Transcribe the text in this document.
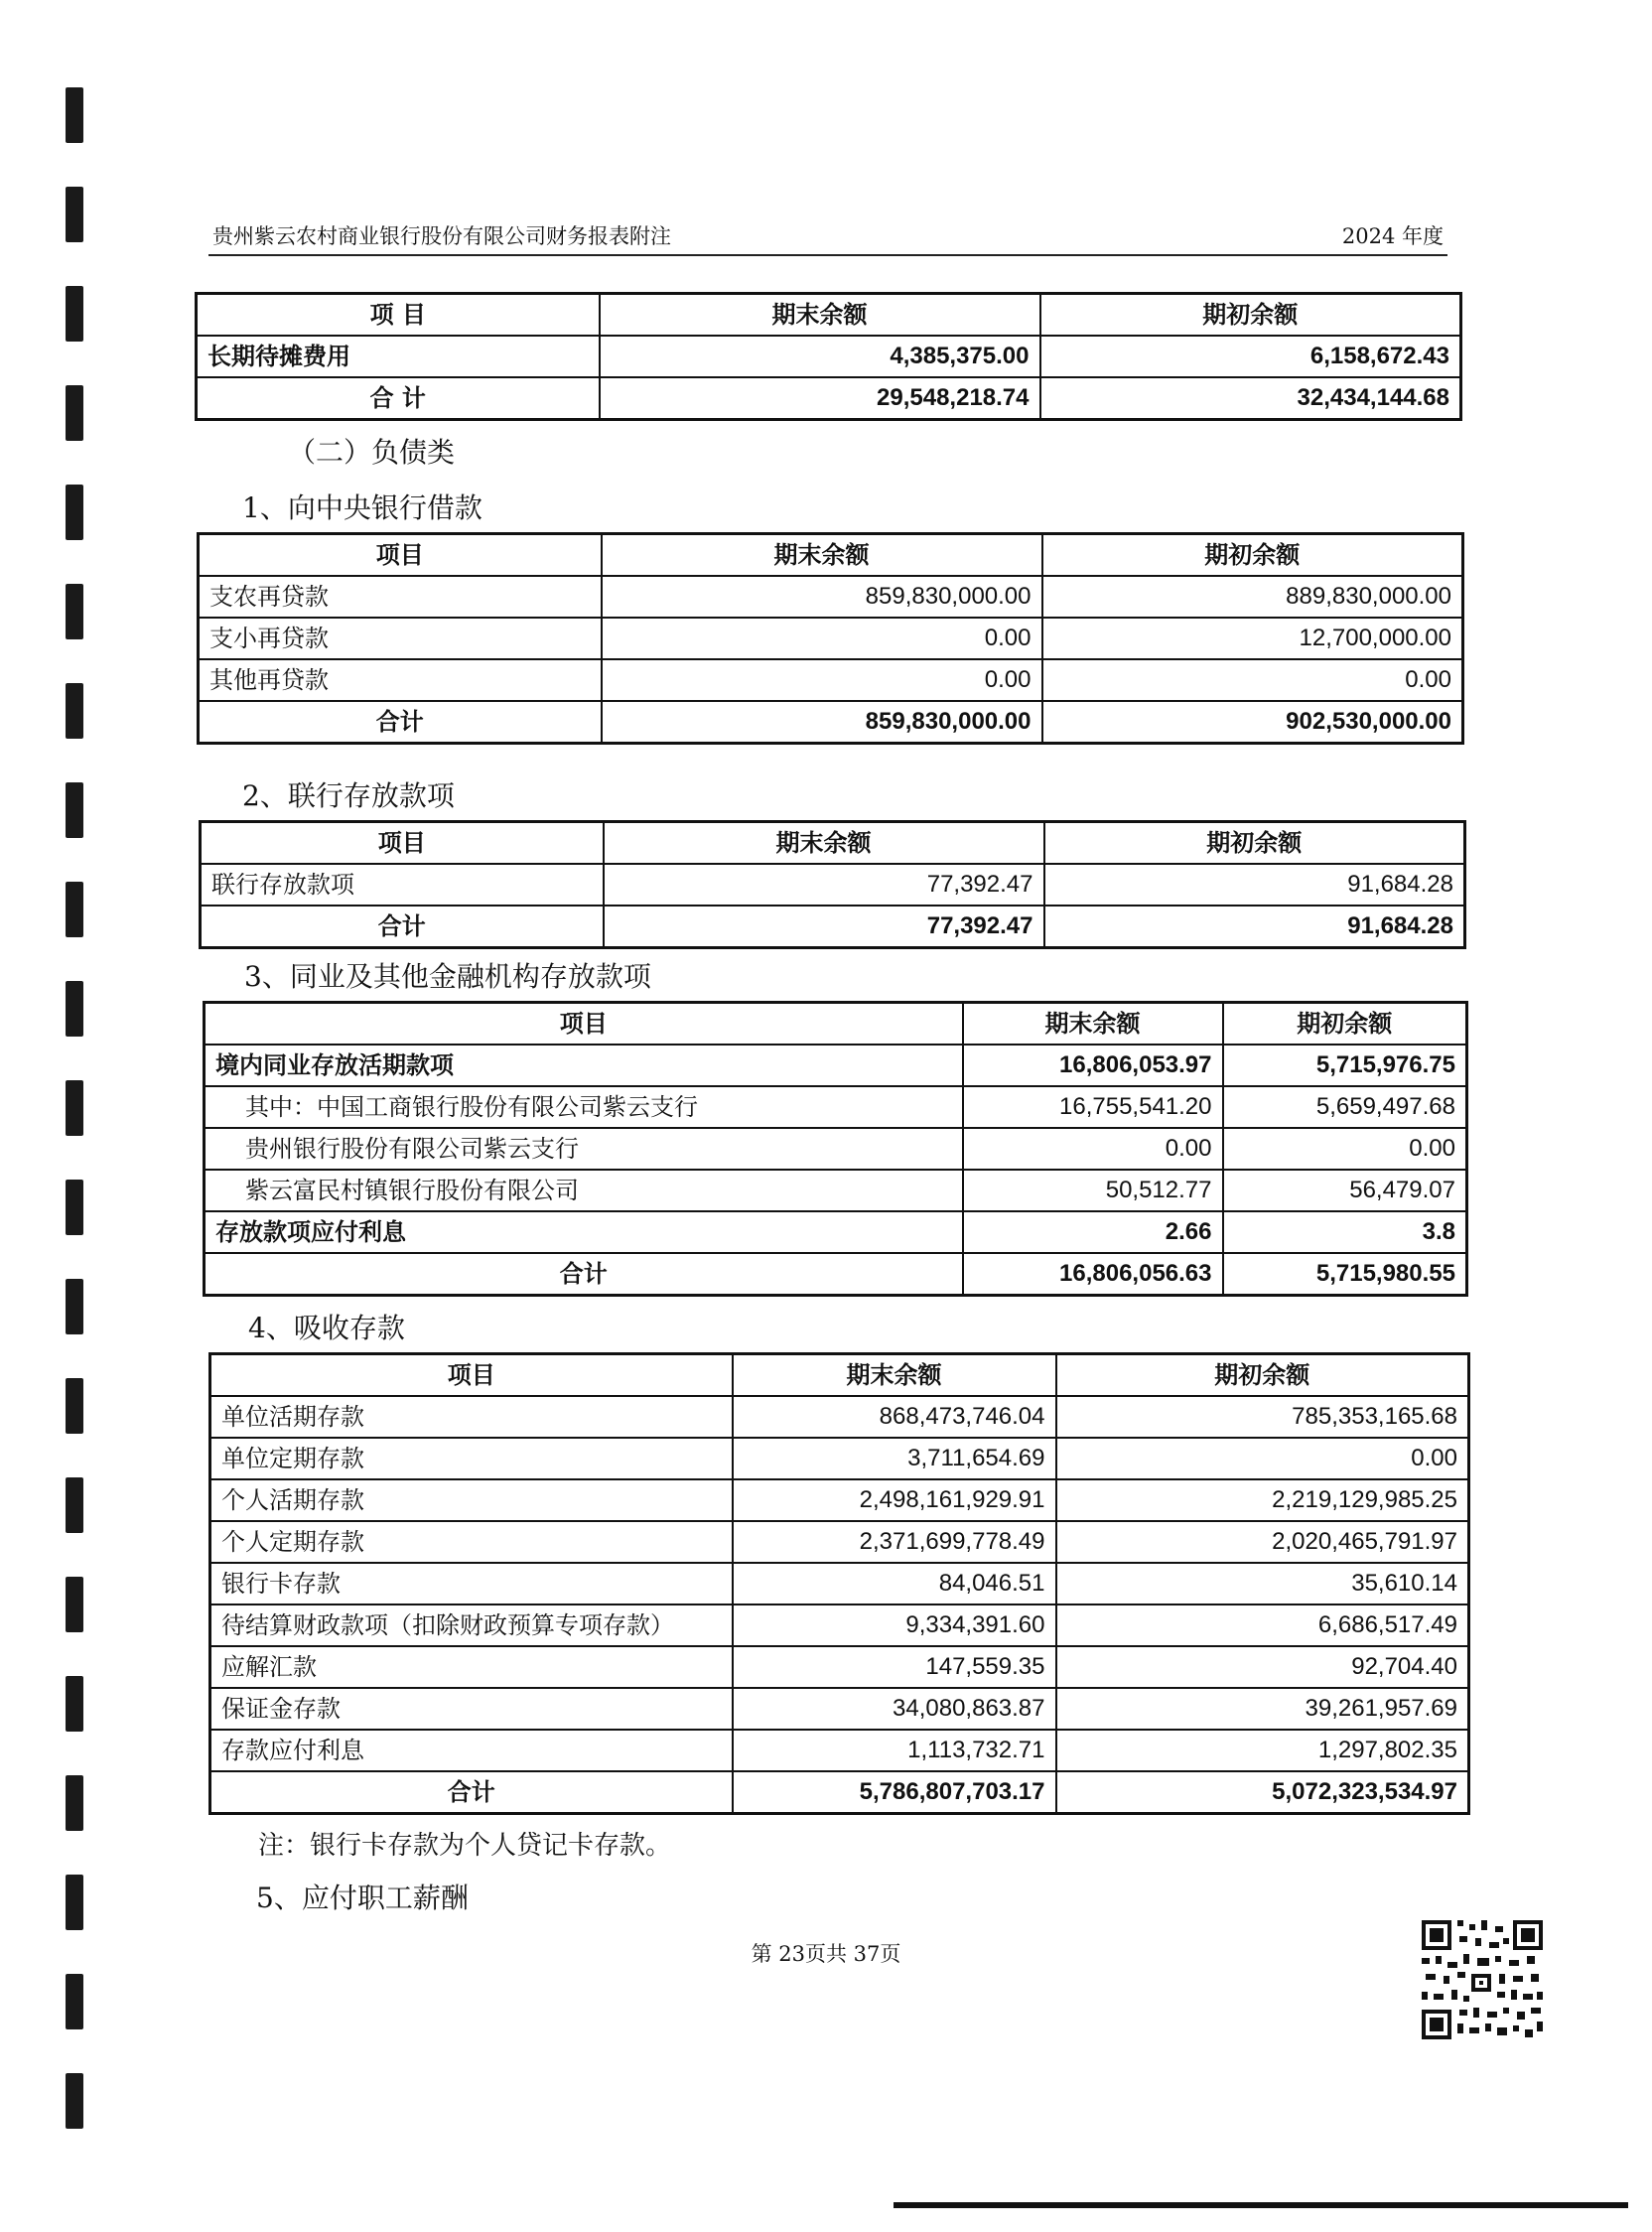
贵州紫云农村商业银行股份有限公司财务报表附注	2024 年度
项 目	期末余额	期初余额
长期待摊费用	4,385,375.00	6,158,672.43
合 计	29,548,218.74	32,434,144.68
（二）负债类
1、向中央银行借款
项目	期末余额	期初余额
支农再贷款	859,830,000.00	889,830,000.00
支小再贷款	0.00	12,700,000.00
其他再贷款	0.00	0.00
合计	859,830,000.00	902,530,000.00
2、联行存放款项
项目	期末余额	期初余额
联行存放款项	77,392.47	91,684.28
合计	77,392.47	91,684.28
3、同业及其他金融机构存放款项
项目	期末余额	期初余额
境内同业存放活期款项	16,806,053.97	5,715,976.75
其中：中国工商银行股份有限公司紫云支行	16,755,541.20	5,659,497.68
贵州银行股份有限公司紫云支行	0.00	0.00
紫云富民村镇银行股份有限公司	50,512.77	56,479.07
存放款项应付利息	2.66	3.8
合计	16,806,056.63	5,715,980.55
4、吸收存款
项目	期末余额	期初余额
单位活期存款	868,473,746.04	785,353,165.68
单位定期存款	3,711,654.69	0.00
个人活期存款	2,498,161,929.91	2,219,129,985.25
个人定期存款	2,371,699,778.49	2,020,465,791.97
银行卡存款	84,046.51	35,610.14
待结算财政款项（扣除财政预算专项存款）	9,334,391.60	6,686,517.49
应解汇款	147,559.35	92,704.40
保证金存款	34,080,863.87	39,261,957.69
存款应付利息	1,113,732.71	1,297,802.35
合计	5,786,807,703.17	5,072,323,534.97
注：银行卡存款为个人贷记卡存款。
5、应付职工薪酬
第 23页共 37页
